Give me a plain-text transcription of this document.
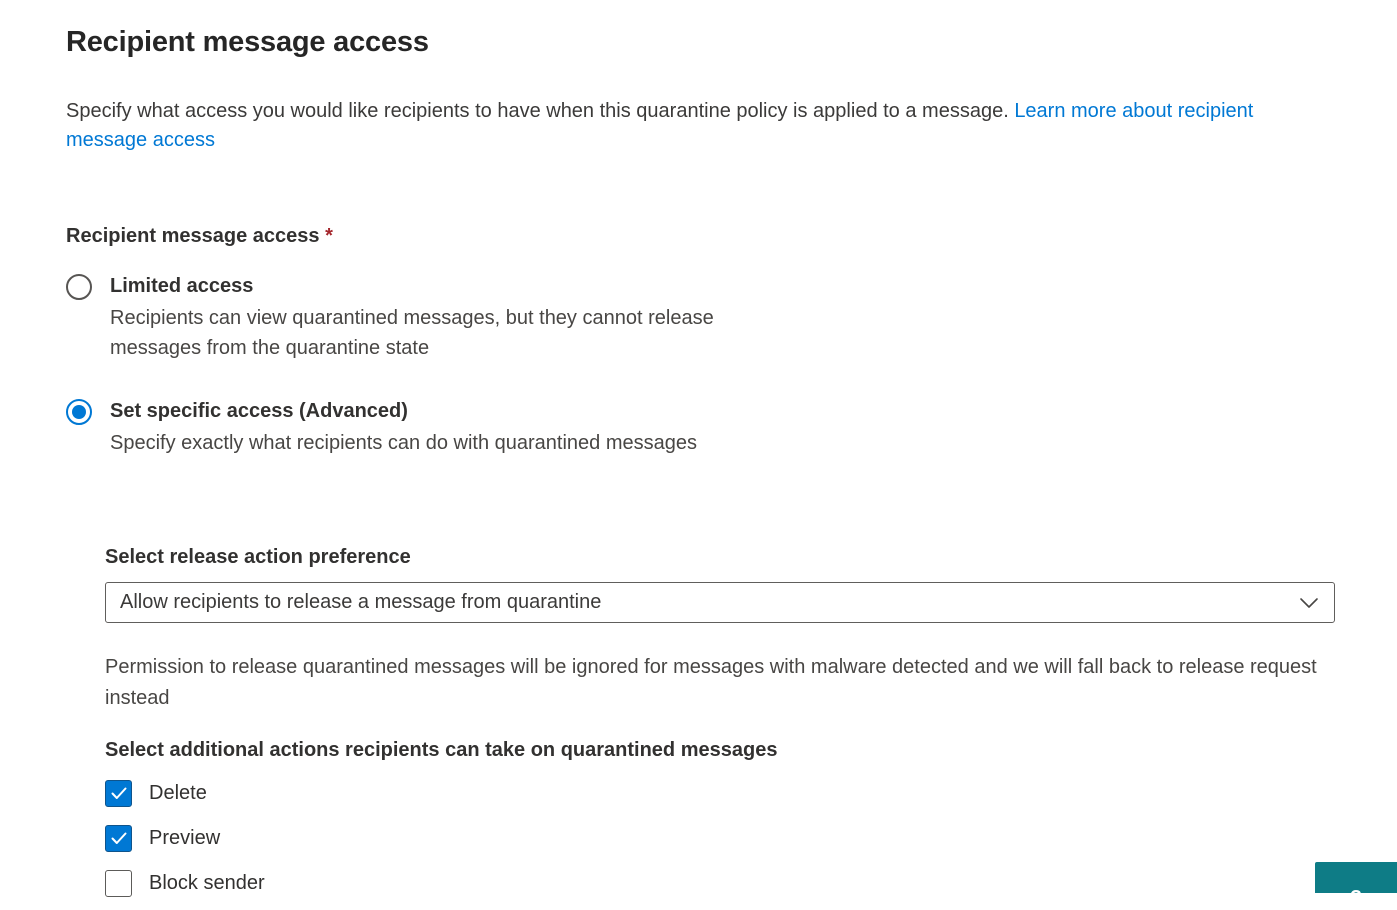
Recipient message access

Specify what access you would like recipients to have when this quarantine policy is applied to a message. Learn more about recipient message access

Recipient message access *
Limited access
Recipients can view quarantined messages, but they cannot release messages from the quarantine state
Set specific access (Advanced)
Specify exactly what recipients can do with quarantined messages
Select release action preference
Allow recipients to release a message from quarantine
Permission to release quarantined messages will be ignored for messages with malware detected and we will fall back to release request instead
Select additional actions recipients can take on quarantined messages
Delete
Preview
Block sender
?
